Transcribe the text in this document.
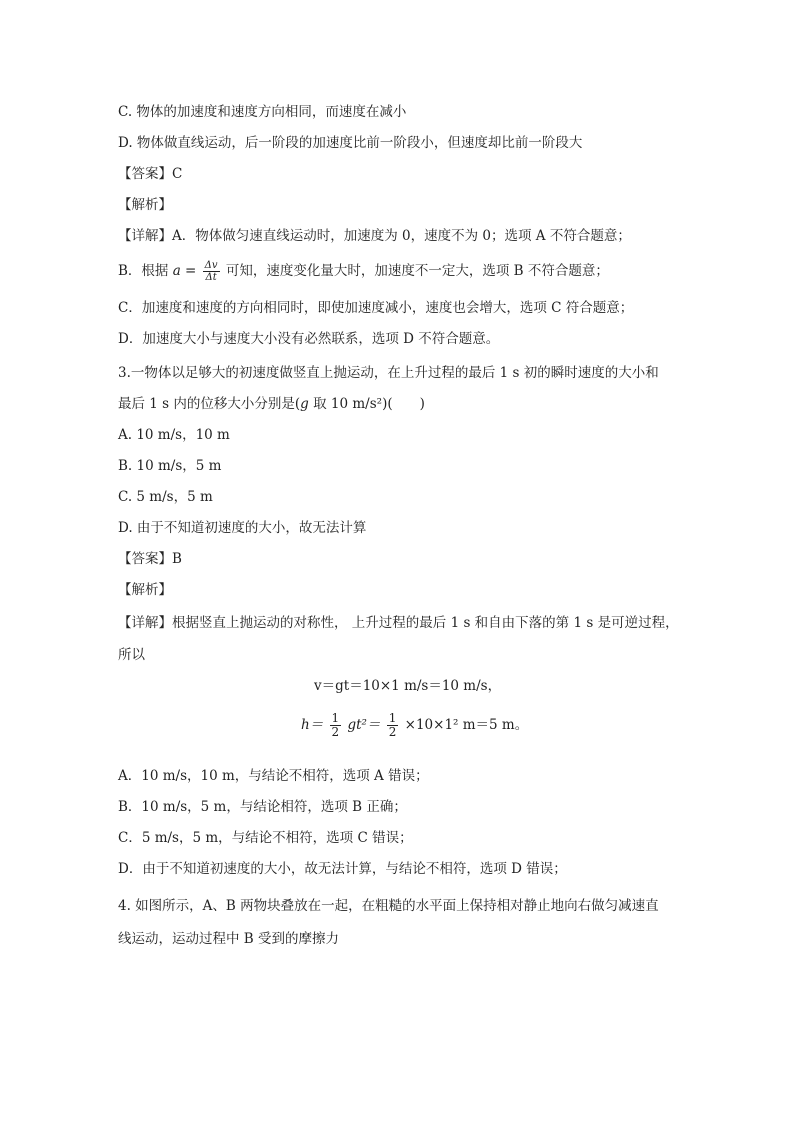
C. 物体的加速度和速度方向相同，而速度在减小
D. 物体做直线运动，后一阶段的加速度比前一阶段小，但速度却比前一阶段大
【答案】C
【解析】
【详解】A．物体做匀速直线运动时，加速度为 0，速度不为 0；选项 A 不符合题意；
B．根据 $a = \frac{\Delta v}{\Delta t}$ 可知，速度变化量大时，加速度不一定大，选项 B 不符合题意；
C．加速度和速度的方向相同时，即使加速度减小，速度也会增大，选项 C 符合题意；
D．加速度大小与速度大小没有必然联系，选项 D 不符合题意。
3.一物体以足够大的初速度做竖直上抛运动，在上升过程的最后 1 s 初的瞬时速度的大小和
最后 1 s 内的位移大小分别是(g 取 10 m/s²)(　　)
A. 10 m/s，10 m
B. 10 m/s，5 m
C. 5 m/s，5 m
D. 由于不知道初速度的大小，故无法计算
【答案】B
【解析】
【详解】根据竖直上抛运动的对称性， 上升过程的最后 1 s 和自由下落的第 1 s 是可逆过程，
所以
v＝gt＝10×1 m/s＝10 m/s，
$h= \frac{1}{2} gt^2= \frac{1}{2} \times 10\times 1^2$ m＝5 m。
A．10 m/s，10 m，与结论不相符，选项 A 错误；
B．10 m/s，5 m，与结论相符，选项 B 正确；
C．5 m/s，5 m，与结论不相符，选项 C 错误；
D．由于不知道初速度的大小，故无法计算，与结论不相符，选项 D 错误；
4. 如图所示，A、B 两物块叠放在一起，在粗糙的水平面上保持相对静止地向右做匀减速直
线运动，运动过程中 B 受到的摩擦力
